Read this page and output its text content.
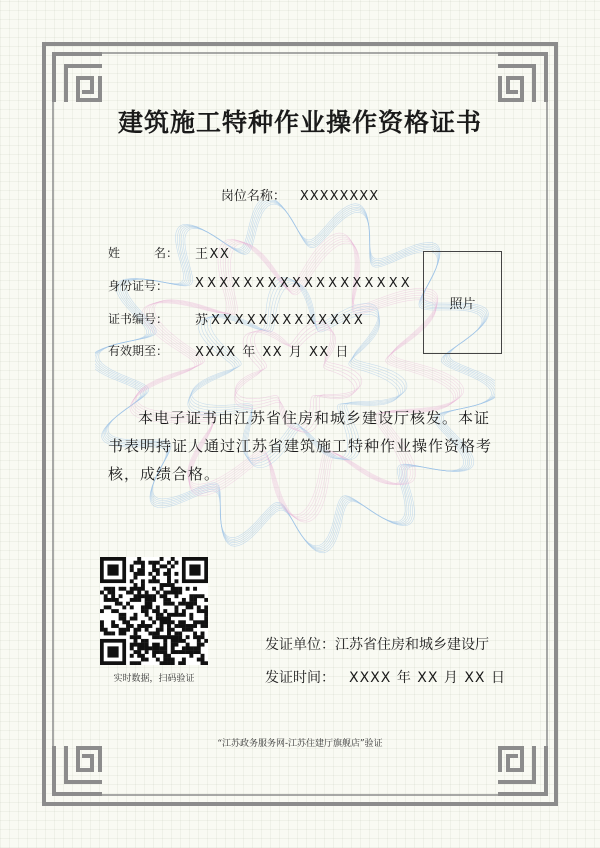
建筑施工特种作业操作资格证书
岗位名称： XXXXXXXX
姓	名： 王XX
身份证号： XXXXXXXXXXXXXXXXXX
证书编号： 苏XXXXXXXXXXXXX
有效期至： XXXX 年 XX 月 XX 日
照片
本电子证书由江苏省住房和城乡建设厅核发。本证书表明持证人通过江苏省建筑施工特种作业操作资格考核，成绩合格。
实时数据，扫码验证
发证单位：江苏省住房和城乡建设厅
发证时间： XXXX 年 XX 月 XX 日
“江苏政务服务网-江苏住建厅旗舰店”验证
